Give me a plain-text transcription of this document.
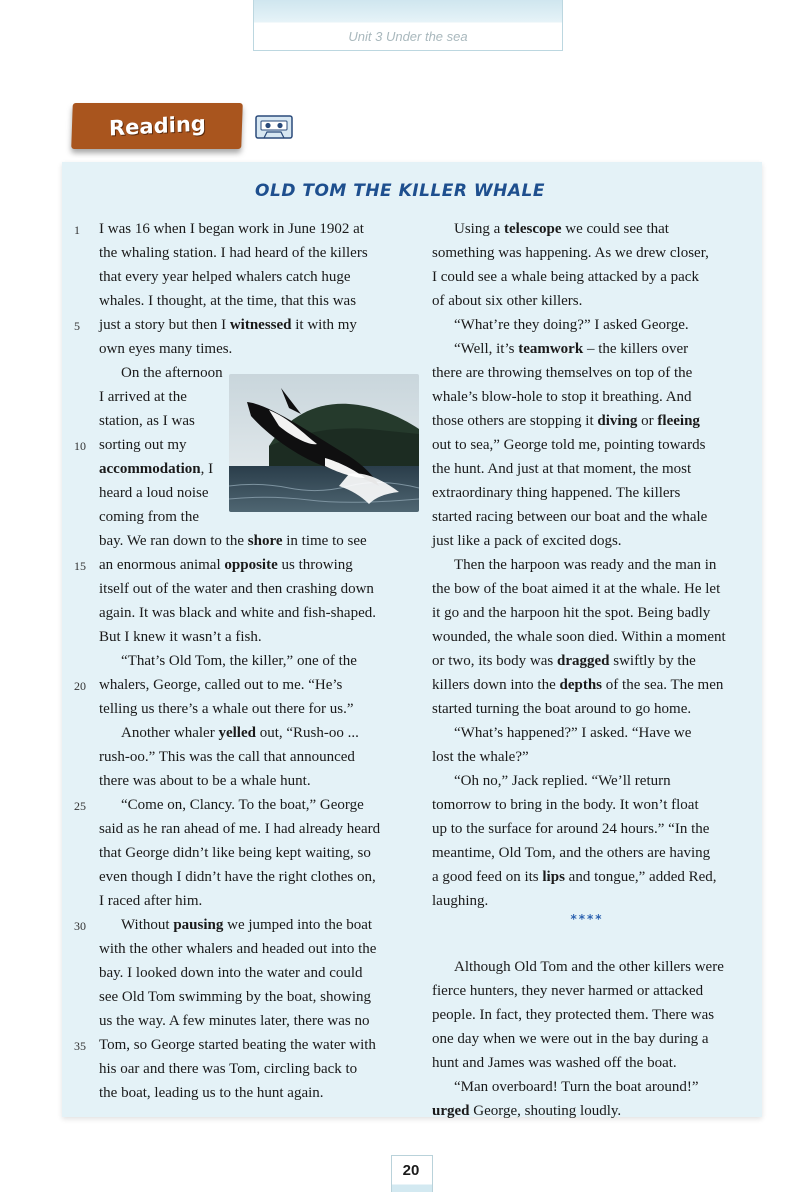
Unit 3 Under the sea
Reading
OLD TOM THE KILLER WHALE
I was 16 when I began work in June 1902 at
the whaling station. I had heard of the killers
that every year helped whalers catch huge
whales. I thought, at the time, that this was
just a story but then I witnessed it with my
own eyes many times.
On the afternoon
I arrived at the
station, as I was
sorting out my
accommodation, I
heard a loud noise
coming from the
bay. We ran down to the shore in time to see
an enormous animal opposite us throwing
itself out of the water and then crashing down
again. It was black and white and fish-shaped.
But I knew it wasn’t a fish.
“That’s Old Tom, the killer,” one of the
whalers, George, called out to me. “He’s
telling us there’s a whale out there for us.”
Another whaler yelled out, “Rush-oo ...
rush-oo.” This was the call that announced
there was about to be a whale hunt.
“Come on, Clancy. To the boat,” George
said as he ran ahead of me. I had already heard
that George didn’t like being kept waiting, so
even though I didn’t have the right clothes on,
I raced after him.
Without pausing we jumped into the boat
with the other whalers and headed out into the
bay. I looked down into the water and could
see Old Tom swimming by the boat, showing
us the way. A few minutes later, there was no
Tom, so George started beating the water with
his oar and there was Tom, circling back to
the boat, leading us to the hunt again.
Using a telescope we could see that
something was happening. As we drew closer,
I could see a whale being attacked by a pack
of about six other killers.
“What’re they doing?” I asked George.
“Well, it’s teamwork – the killers over
there are throwing themselves on top of the
whale’s blow-hole to stop it breathing. And
those others are stopping it diving or fleeing
out to sea,” George told me, pointing towards
the hunt. And just at that moment, the most
extraordinary thing happened. The killers
started racing between our boat and the whale
just like a pack of excited dogs.
Then the harpoon was ready and the man in
the bow of the boat aimed it at the whale. He let
it go and the harpoon hit the spot. Being badly
wounded, the whale soon died. Within a moment
or two, its body was dragged swiftly by the
killers down into the depths of the sea. The men
started turning the boat around to go home.
“What’s happened?” I asked. “Have we
lost the whale?”
“Oh no,” Jack replied. “We’ll return
tomorrow to bring in the body. It won’t float
up to the surface for around 24 hours.” “In the
meantime, Old Tom, and the others are having
a good feed on its lips and tongue,” added Red,
laughing.
Although Old Tom and the other killers were
fierce hunters, they never harmed or attacked
people. In fact, they protected them. There was
one day when we were out in the bay during a
hunt and James was washed off the boat.
“Man overboard! Turn the boat around!”
urged George, shouting loudly.
1
5
10
15
20
25
30
35
****
20
